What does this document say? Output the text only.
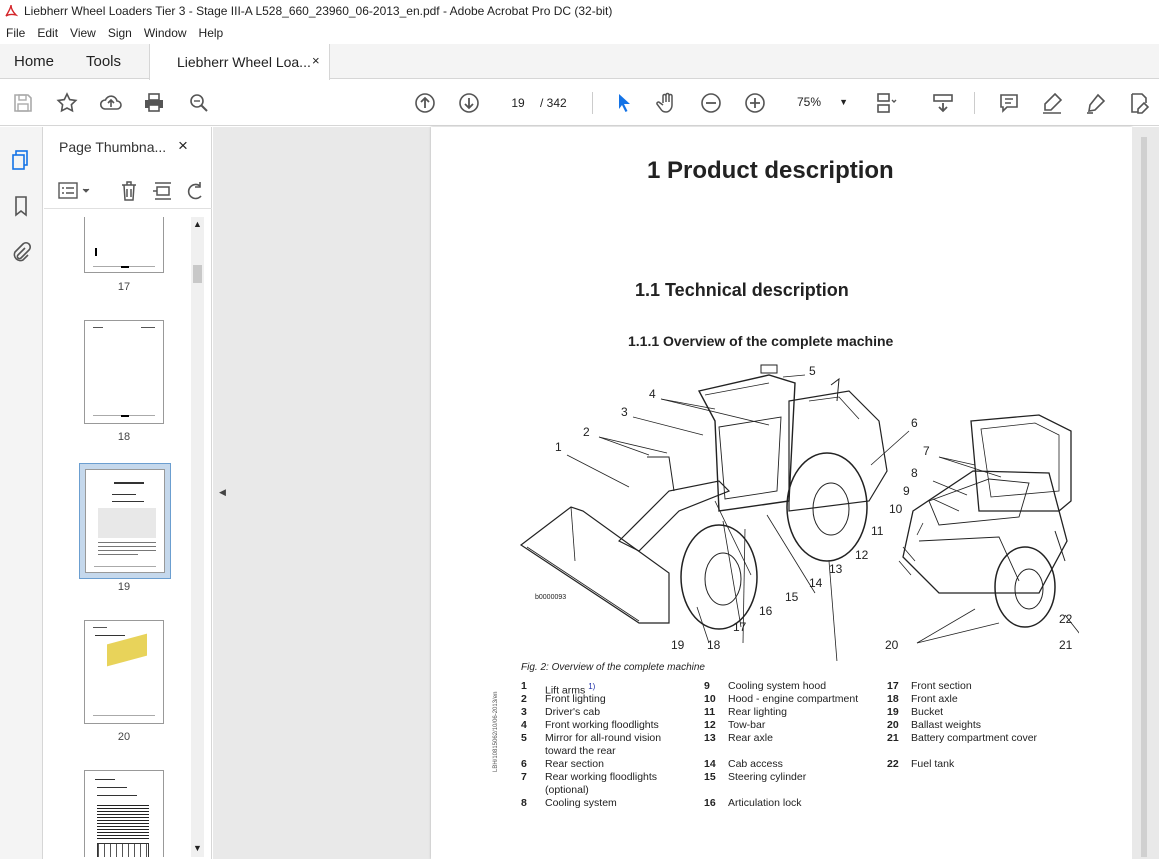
Liebherr Wheel Loaders Tier 3 - Stage III-A L528_660_23960_06-2013_en.pdf - Adobe Acrobat Pro DC (32-bit)
File	Edit	View	Sign	Window	Help
Home Tools	Liebherr Wheel Loa... ×
19	/ 342	75% ▼
Page Thumbna... ×
17
18
19
20
▲
▼
◀
1 Product description
1.1 Technical description
1.1.1 Overview of the complete machine
1
2
3
4
5
6
7
8
9
10
11
12
13
14
15
16
17
18
19	20	21
22
b0000093
Fig. 2: Overview of the complete machine
1	Lift arms $^{1)}$
2	Front lighting
3	Driver's cab
4	Front working floodlights
5	Mirror for all-round vision toward the rear
6	Rear section
7	Rear working floodlights (optional)
8	Cooling system
9	Cooling system hood
10	Hood - engine compartment
11	Rear lighting
12	Tow-bar
13	Rear axle
14	Cab access
15	Steering cylinder
16	Articulation lock
17	Front section
18	Front axle
19	Bucket
20	Ballast weights
21	Battery compartment cover
22	Fuel tank
LBH/10815062/10/06-2013/en
